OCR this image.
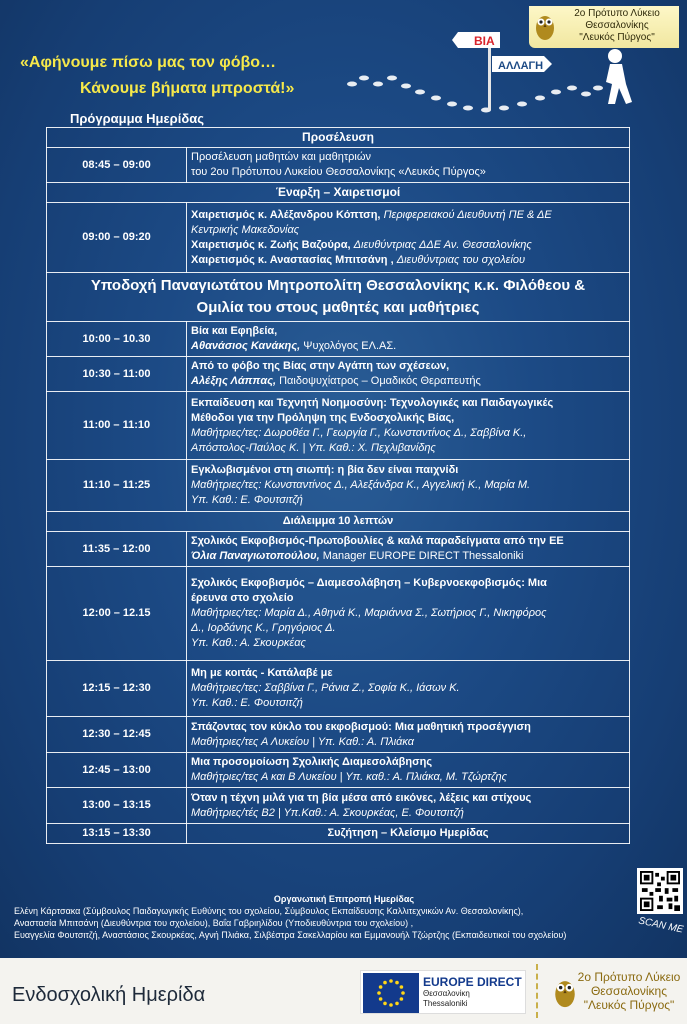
2ο Πρότυπο Λύκειο
Θεσσαλονίκης
"Λευκός Πύργος"
«Αφήνουμε πίσω μας τον φόβο…
Κάνουμε βήματα μπροστά!»
ΒΙΑ
ΑΛΛΑΓΗ
Πρόγραμμα Ημερίδας
Προσέλευση	
08:45 – 09:00	Προσέλευση μαθητών και μαθητριών
του 2ου Πρότυπου Λυκείου Θεσσαλονίκης «Λευκός Πύργος»

Έναρξη – Χαιρετισμοί	
09:00 – 09:20	Χαιρετισμός κ. Αλέξανδρου Κόπτση, Περιφερειακού Διευθυντή ΠΕ & ΔΕ
Κεντρικής Μακεδονίας
Χαιρετισμός κ. Ζωής Βαζούρα, Διευθύντριας ΔΔΕ Αν. Θεσσαλονίκης
Χαιρετισμός κ. Αναστασίας Μπιτσάνη , Διευθύντριας του σχολείου

Υποδοχή Παναγιωτάτου Μητροπολίτη Θεσσαλονίκης κ.κ. Φιλόθεου &
Ομιλία του στους μαθητές και μαθήτριες	

10:00 – 10.30	Βία και Εφηβεία,
Αθανάσιος Κανάκης, Ψυχολόγος ΕΛ.ΑΣ.

10:30 – 11:00	Από το φόβο της Βίας στην Αγάπη των σχέσεων,
Αλέξης Λάππας, Παιδοψυχίατρος – Ομαδικός Θεραπευτής

11:00 – 11:10	Εκπαίδευση και Τεχνητή Νοημοσύνη: Τεχνολογικές και Παιδαγωγικές
Μέθοδοι για την Πρόληψη της Ενδοσχολικής Βίας,
Μαθήτριες/τες: Δωροθέα Γ., Γεωργία Γ., Κωνσταντίνος Δ., Σαββίνα Κ.,
Απόστολος-Παύλος Κ. | Υπ. Καθ.: Χ. Πεχλιβανίδης

11:10 – 11:25	Εγκλωβισμένοι στη σιωπή: η βία δεν είναι παιχνίδι
Μαθήτριες/τες: Κωνσταντίνος Δ., Αλεξάνδρα Κ., Αγγελική Κ., Μαρία Μ.
Υπ. Καθ.: Ε. Φουτσιτζή

Διάλειμμα 10 λεπτών	
11:35 – 12:00	Σχολικός Εκφοβισμός-Πρωτοβουλίες & καλά παραδείγματα από την ΕΕ
Όλια Παναγιωτοπούλου, Manager EUROPE DIRECT Thessaloniki

12:00 – 12.15	Σχολικός Εκφοβισμός – Διαμεσολάβηση – Κυβερνοεκφοβισμός: Μια
έρευνα στο σχολείο
Μαθήτριες/τες: Μαρία Δ., Αθηνά Κ., Μαριάννα Σ., Σωτήριος Γ., Νικηφόρος
Δ., Ιορδάνης Κ., Γρηγόριος Δ.
Υπ. Καθ.: Α. Σκουρκέας

12:15 – 12:30	Μη με κοιτάς - Κατάλαβέ με
Μαθήτριες/τες: Σαββίνα Γ., Ράνια Ζ., Σοφία Κ., Ιάσων Κ.
Υπ. Καθ.: Ε. Φουτσιτζή

12:30 – 12:45	Σπάζοντας τον κύκλο του εκφοβισμού: Μια μαθητική προσέγγιση
Μαθήτριες/τες Α Λυκείου | Υπ. Καθ.: Α. Πλιάκα

12:45 – 13:00	Μια προσομοίωση Σχολικής Διαμεσολάβησης
Μαθήτριες/τες Α και Β Λυκείου | Υπ. καθ.: Α. Πλιάκα, Μ. Τζώρτζης

13:00 – 13:15	Όταν η τέχνη μιλά για τη βία μέσα από εικόνες, λέξεις και στίχους
Μαθήτριες/τές Β2 | Υπ.Καθ.: Α. Σκουρκέας, Ε. Φουτσιτζή

13:15 – 13:30	Συζήτηση – Κλείσιμο Ημερίδας
Οργανωτική Επιτροπή Ημερίδας
Ελένη Κάρτσακα (Σύμβουλος Παιδαγωγικής Ευθύνης του σχολείου, Σύμβουλος Εκπαίδευσης Καλλιτεχνικών Αν. Θεσσαλονίκης),
Αναστασία Μπιτσάνη (Διευθύντρια του σχολείου), Βαΐα Γαβριηλίδου (Υποδιευθύντρια του σχολείου) ,
Ευαγγελία Φουτσιτζή, Αναστάσιος Σκουρκέας, Αγνή Πλιάκα, Σιλβέστρα Σακελλαρίου και Εμμανουήλ Τζώρτζης (Εκπαιδευτικοί του σχολείου)	SCAN ME
Ενδοσχολική Ημερίδα
EUROPE DIRECT
Θεσσαλονίκη
Thessaloniki
2ο Πρότυπο Λύκειο
Θεσσαλονίκης
"Λευκός Πύργος"
